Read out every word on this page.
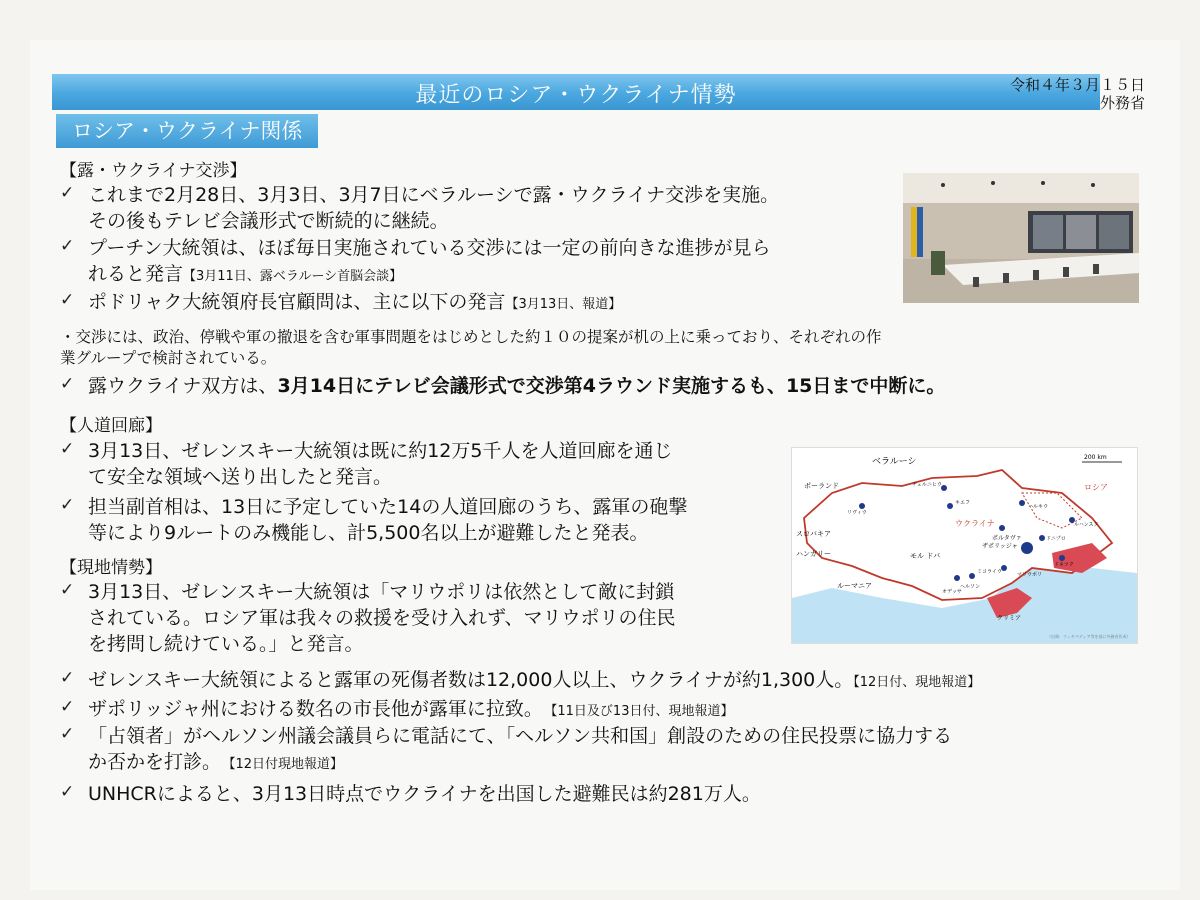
最近のロシア・ウクライナ情勢	令和４年３月１５日
外務省
ロシア・ウクライナ関係
【露・ウクライナ交渉】
✓ これまで2月28日、3月3日、3月7日にベラルーシで露・ウクライナ交渉を実施。
その後もテレビ会議形式で断続的に継続。
✓ プーチン大統領は、ほぼ毎日実施されている交渉には一定の前向きな進捗が見ら
れると発言【3月11日、露ベラルーシ首脳会談】
✓ ポドリャク大統領府長官顧問は、主に以下の発言【3月13日、報道】
・交渉には、政治、停戦や軍の撤退を含む軍事問題をはじめとした約１０の提案が机の上に乗っており、それぞれの作
業グループで検討されている。
✓ 露ウクライナ双方は、3月14日にテレビ会議形式で交渉第4ラウンド実施するも、15日まで中断に。
【人道回廊】
✓ 3月13日、ゼレンスキー大統領は既に約12万5千人を人道回廊を通じ
て安全な領域へ送り出したと発言。
✓ 担当副首相は、13日に予定していた14の人道回廊のうち、露軍の砲撃
等により9ルートのみ機能し、計5,500名以上が避難したと発表。
【現地情勢】
✓ 3月13日、ゼレンスキー大統領は「マリウポリは依然として敵に封鎖
されている。ロシア軍は我々の救援を受け入れず、マリウポリの住民
を拷問し続けている。」と発言。
✓ ゼレンスキー大統領によると露軍の死傷者数は12,000人以上、ウクライナが約1,300人。【12日付、現地報道】
✓ ザポリッジャ州における数名の市長他が露軍に拉致。 【11日及び13日付、現地報道】
✓ 「占領者」がヘルソン州議会議員らに電話にて、「ヘルソン共和国」創設のための住民投票に協力する
か否かを打診。 【12日付現地報道】
✓ UNHCRによると、3月13日時点でウクライナを出国した避難民は約281万人。
200 km
ベラルーシ
ポーランド
スロバキア
ハンガリー
ルーマニア
モル ドバ
ウクライナ
ロシア
クリミア
チェルニヒウ
キエフ
ハルキウ
ルハンスク
ポルタヴァ
ザポリッジャ
ドニプロ
ドネツク
マリウポリ
ヘルソン
オデッサ
ミコライウ
リヴィウ
（出典：ウィキペディア等を基に外務省作成）
